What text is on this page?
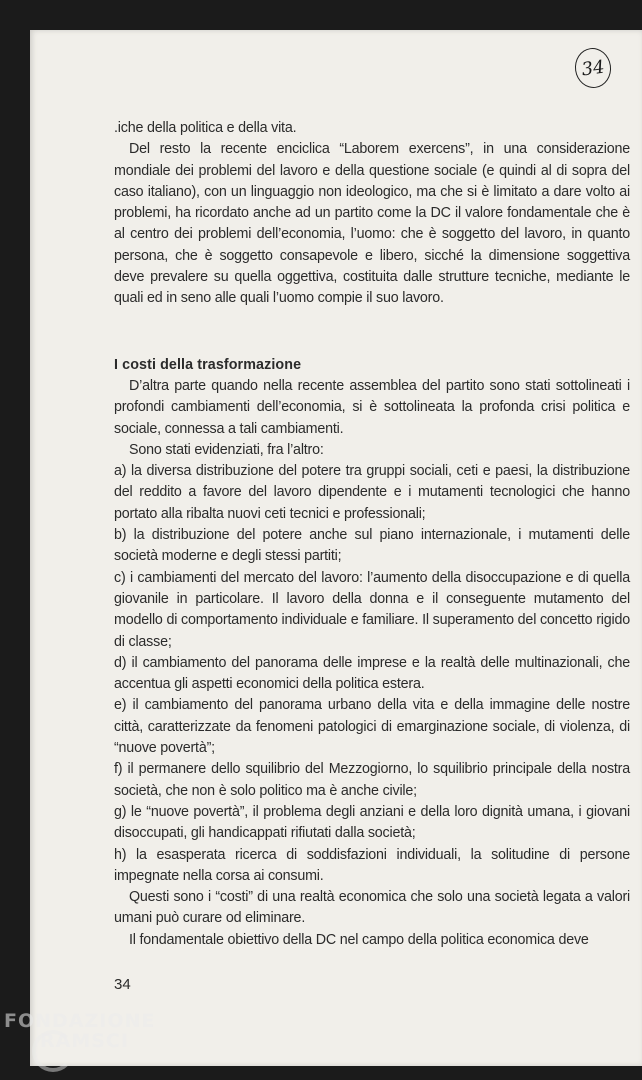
34

.iche della politica e della vita.

Del resto la recente enciclica “Laborem exercens”, in una considerazione mondiale dei problemi del lavoro e della questione sociale (e quindi al di sopra del caso italiano), con un linguaggio non ideologico, ma che si è limitato a dare volto ai problemi, ha ricordato anche ad un partito come la DC il valore fondamentale che è al centro dei problemi dell’economia, l’uomo: che è soggetto del lavoro, in quanto persona, che è soggetto consapevole e libero, sicché la dimensione soggettiva deve prevalere su quella oggettiva, costituita dalle strutture tecniche, mediante le quali ed in seno alle quali l’uomo compie il suo lavoro.

I costi della trasformazione

D’altra parte quando nella recente assemblea del partito sono stati sottolineati i profondi cambiamenti dell’economia, si è sottolineata la profonda crisi politica e sociale, connessa a tali cambiamenti.

Sono stati evidenziati, fra l’altro:

a) la diversa distribuzione del potere tra gruppi sociali, ceti e paesi, la distribuzione del reddito a favore del lavoro dipendente e i mutamenti tecnologici che hanno portato alla ribalta nuovi ceti tecnici e professionali;

b) la distribuzione del potere anche sul piano internazionale, i mutamenti delle società moderne e degli stessi partiti;

c) i cambiamenti del mercato del lavoro: l’aumento della disoccupazione e di quella giovanile in particolare. Il lavoro della donna e il conseguente mutamento del modello di comportamento individuale e familiare. Il superamento del concetto rigido di classe;

d) il cambiamento del panorama delle imprese e la realtà delle multinazionali, che accentua gli aspetti economici della politica estera.

e) il cambiamento del panorama urbano della vita e della immagine delle nostre città, caratterizzate da fenomeni patologici di emarginazione sociale, di violenza, di “nuove povertà”;

f) il permanere dello squilibrio del Mezzogiorno, lo squilibrio principale della nostra società, che non è solo politico ma è anche civile;

g) le “nuove povertà”, il problema degli anziani e della loro dignità umana, i giovani disoccupati, gli handicappati rifiutati dalla società;

h) la esasperata ricerca di soddisfazioni individuali, la solitudine di persone impegnate nella corsa ai consumi.

Questi sono i “costi” di una realtà economica che solo una società legata a valori umani può curare od eliminare.

Il fondamentale obiettivo della DC nel campo della politica economica deve

34
FONDAZIONE
RAMSCI
